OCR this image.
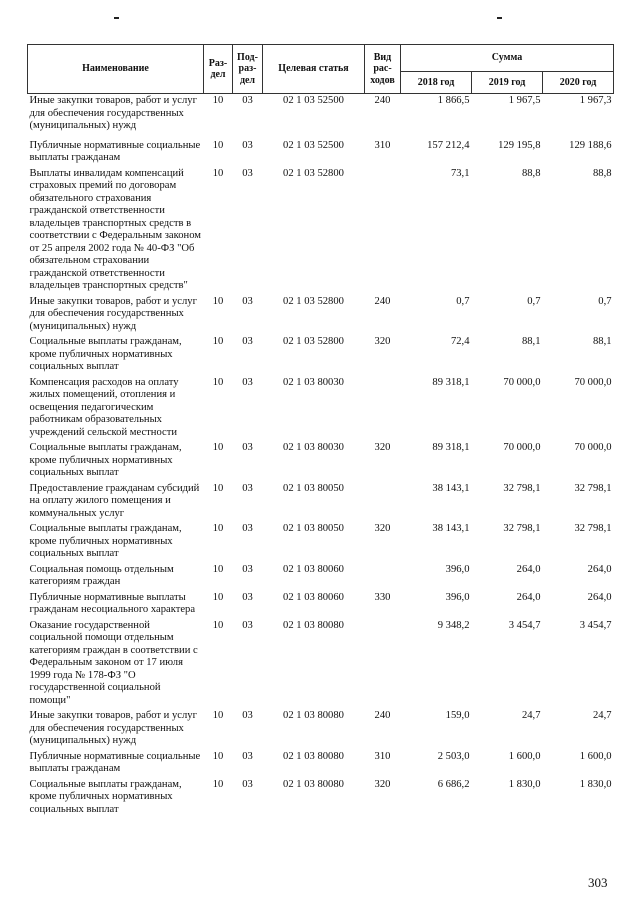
Наименование	Раз- дел	Под- раз- дел	Целевая статья	Вид рас- ходов	Сумма		
					2018 год	2019 год	2020 год
Иные закупки товаров, работ и услуг для обеспечения государственных (муниципальных) нужд	10	03	02 1 03 52500	240	1 866,5	1 967,5	1 967,3
Публичные нормативные социальные выплаты гражданам	10	03	02 1 03 52500	310	157 212,4	129 195,8	129 188,6
Выплаты инвалидам компенсаций страховых премий по договорам обязательного страхования гражданской ответственности владельцев транспортных средств в соответствии с Федеральным законом от 25 апреля 2002 года № 40-ФЗ "Об обязательном страховании гражданской ответственности владельцев транспортных средств"	10	03	02 1 03 52800		73,1	88,8	88,8
Иные закупки товаров, работ и услуг для обеспечения государственных (муниципальных) нужд	10	03	02 1 03 52800	240	0,7	0,7	0,7
Социальные выплаты гражданам, кроме публичных нормативных социальных выплат	10	03	02 1 03 52800	320	72,4	88,1	88,1
Компенсация расходов на оплату жилых помещений, отопления и освещения педагогическим работникам образовательных учреждений сельской местности	10	03	02 1 03 80030		89 318,1	70 000,0	70 000,0
Социальные выплаты гражданам, кроме публичных нормативных социальных выплат	10	03	02 1 03 80030	320	89 318,1	70 000,0	70 000,0
Предоставление гражданам субсидий на оплату жилого помещения и коммунальных услуг	10	03	02 1 03 80050		38 143,1	32 798,1	32 798,1
Социальные выплаты гражданам, кроме публичных нормативных социальных выплат	10	03	02 1 03 80050	320	38 143,1	32 798,1	32 798,1
Социальная помощь отдельным категориям граждан	10	03	02 1 03 80060		396,0	264,0	264,0
Публичные нормативные выплаты гражданам несоциального характера	10	03	02 1 03 80060	330	396,0	264,0	264,0
Оказание государственной социальной помощи отдельным категориям граждан в соответствии с Федеральным законом от 17 июля 1999 года № 178-ФЗ "О государственной социальной помощи"	10	03	02 1 03 80080		9 348,2	3 454,7	3 454,7
Иные закупки товаров, работ и услуг для обеспечения государственных (муниципальных) нужд	10	03	02 1 03 80080	240	159,0	24,7	24,7
Публичные нормативные социальные выплаты гражданам	10	03	02 1 03 80080	310	2 503,0	1 600,0	1 600,0
Социальные выплаты гражданам, кроме публичных нормативных социальных выплат	10	03	02 1 03 80080	320	6 686,2	1 830,0	1 830,0
303
